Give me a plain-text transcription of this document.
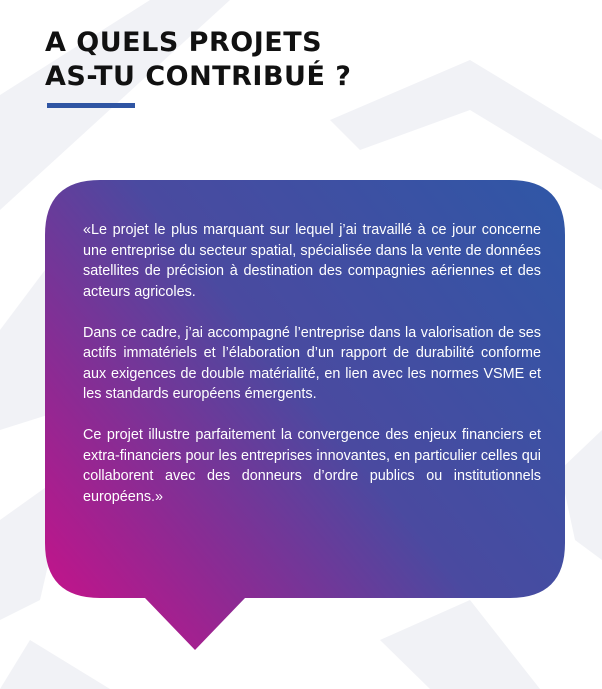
A QUELS PROJETS
AS-TU CONTRIBUÉ ?

«Le projet le plus marquant sur lequel j’ai travaillé à ce jour concerne une entreprise du secteur spatial, spécialisée dans la vente de données satellites de précision à destination des compagnies aériennes et des acteurs agricoles.

Dans ce cadre, j’ai accompagné l’entreprise dans la valorisation de ses actifs immatériels et l’élaboration d’un rapport de durabilité conforme aux exigences de double matérialité, en lien avec les normes VSME et les standards européens émergents.

Ce projet illustre parfaitement la convergence des enjeux financiers et extra-financiers pour les entreprises innovantes, en particulier celles qui collaborent avec des donneurs d’ordre publics ou institutionnels européens.»
